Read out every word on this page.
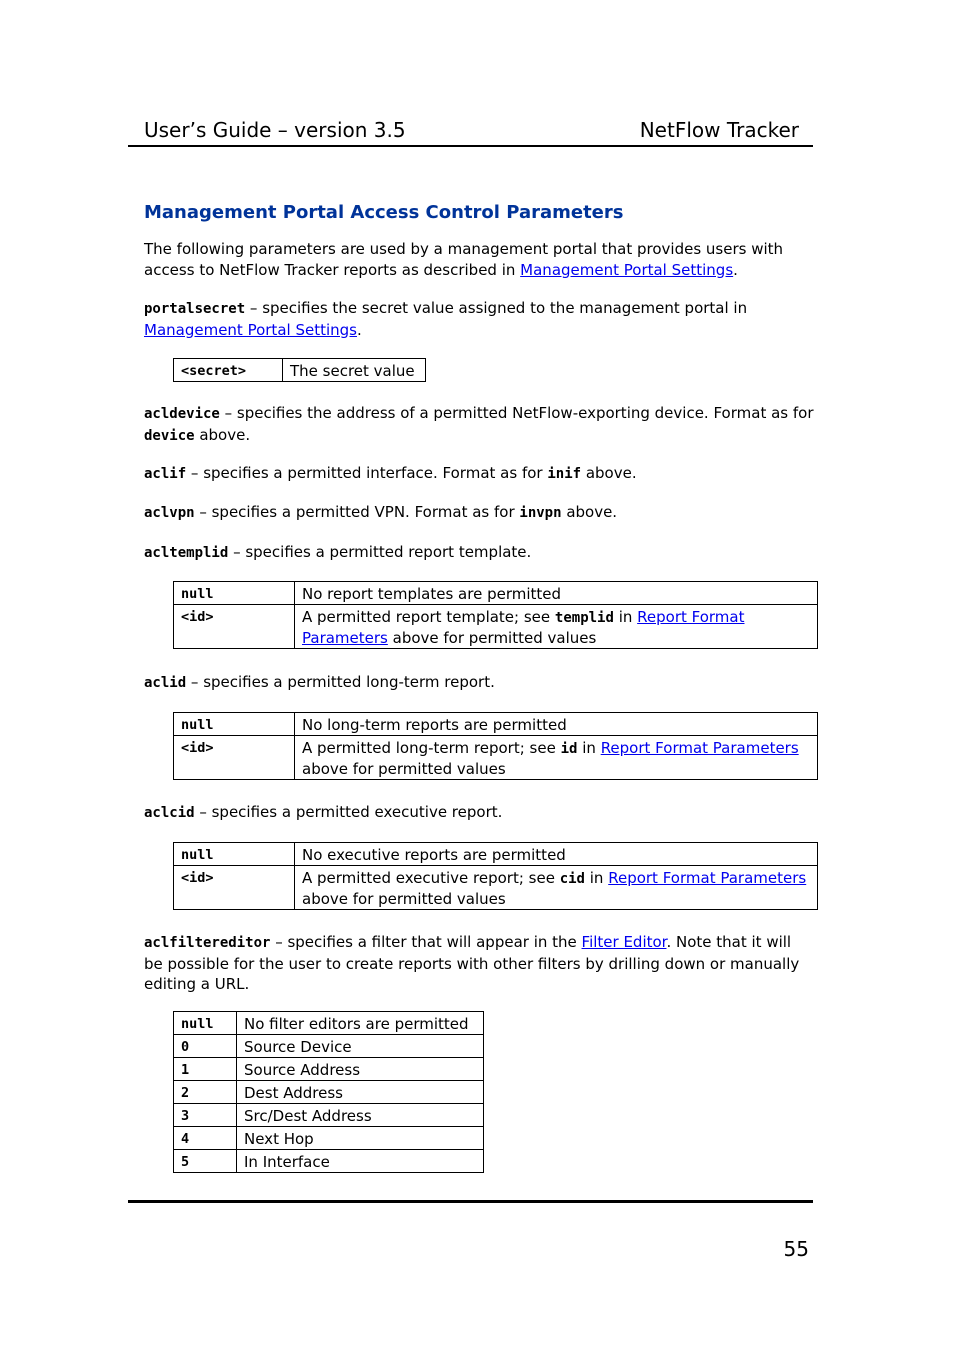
User’s Guide – version 3.5	NetFlow Tracker
Management Portal Access Control Parameters
The following parameters are used by a management portal that provides users with access to NetFlow Tracker reports as described in Management Portal Settings.
portalsecret – specifies the secret value assigned to the management portal in Management Portal Settings.
<secret>	The secret value
acldevice – specifies the address of a permitted NetFlow-exporting device. Format as for device above.
aclif – specifies a permitted interface. Format as for inif above.
aclvpn – specifies a permitted VPN. Format as for invpn above.
acltemplid – specifies a permitted report template.
null	No report templates are permitted
<id>	A permitted report template; see templid in Report Format Parameters above for permitted values
aclid – specifies a permitted long-term report.
null	No long-term reports are permitted
<id>	A permitted long-term report; see id in Report Format Parameters above for permitted values
aclcid – specifies a permitted executive report.
null	No executive reports are permitted
<id>	A permitted executive report; see cid in Report Format Parameters above for permitted values
aclfiltereditor – specifies a filter that will appear in the Filter Editor. Note that it will be possible for the user to create reports with other filters by drilling down or manually editing a URL.
null	No filter editors are permitted
0	Source Device
1	Source Address
2	Dest Address
3	Src/Dest Address
4	Next Hop
5	In Interface
55
